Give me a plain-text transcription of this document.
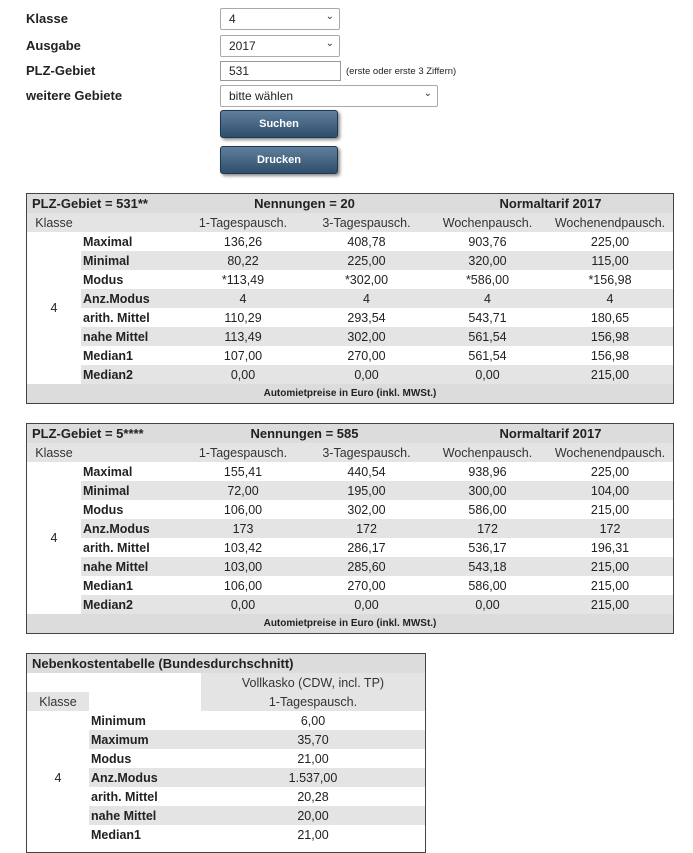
Klasse	4	⌄
Ausgabe	2017	⌄
PLZ-Gebiet	531	(erste oder erste 3 Ziffern)
weitere Gebiete	bitte wählen	⌄
Suchen
Drucken
PLZ-Gebiet = 531**		Nennungen = 20		Normaltarif 2017	
Klasse		1-Tagespausch.	3-Tagespausch.	Wochenpausch.	Wochenendpausch.
4	Maximal	136,26	408,78	903,76	225,00
	Minimal	80,22	225,00	320,00	115,00
	Modus	*113,49	*302,00	*586,00	*156,98
	Anz.Modus	4	4	4	4
	arith. Mittel	110,29	293,54	543,71	180,65
	nahe Mittel	113,49	302,00	561,54	156,98
	Median1	107,00	270,00	561,54	156,98
	Median2	0,00	0,00	0,00	215,00
Automietpreise in Euro (inkl. MWSt.)					
PLZ-Gebiet = 5****		Nennungen = 585		Normaltarif 2017	
Klasse		1-Tagespausch.	3-Tagespausch.	Wochenpausch.	Wochenendpausch.
4	Maximal	155,41	440,54	938,96	225,00
	Minimal	72,00	195,00	300,00	104,00
	Modus	106,00	302,00	586,00	215,00
	Anz.Modus	173	172	172	172
	arith. Mittel	103,42	286,17	536,17	196,31
	nahe Mittel	103,00	285,60	543,18	215,00
	Median1	106,00	270,00	586,00	215,00
	Median2	0,00	0,00	0,00	215,00
Automietpreise in Euro (inkl. MWSt.)					
Nebenkostentabelle (Bundesdurchschnitt)		
		Vollkasko (CDW, incl. TP)
Klasse		1-Tagespausch.
4	Minimum	6,00
	Maximum	35,70
	Modus	21,00
	Anz.Modus	1.537,00
	arith. Mittel	20,28
	nahe Mittel	20,00
	Median1	21,00
